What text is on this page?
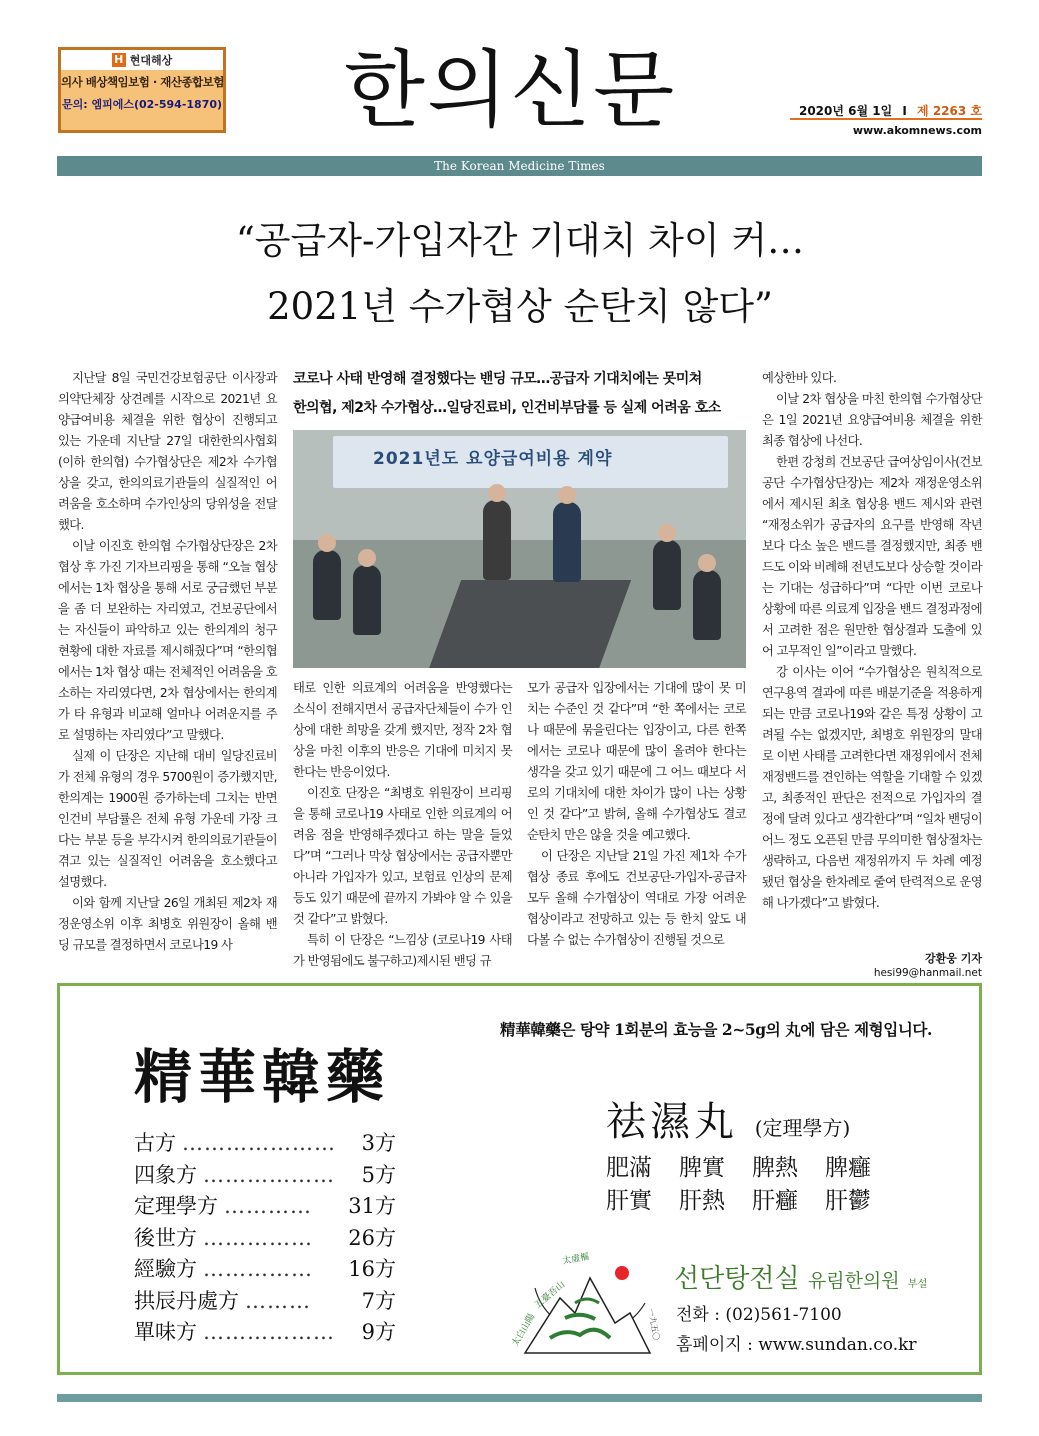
H 현대해상
의사 배상책임보험 · 재산종합보험
문의: 엠피에스(02-594-1870)	한의신문	2020년 6월 1일 I 제 2263 호
www.akomnews.com
The Korean Medicine Times
“공급자-가입자간 기대치 차이 커…
2021년 수가협상 순탄치 않다”

지난달 8일 국민건강보험공단 이사장과 의약단체장 상견례를 시작으로 2021년 요양급여비용 체결을 위한 협상이 진행되고 있는 가운데 지난달 27일 대한한의사협회(이하 한의협) 수가협상단은 제2차 수가협상을 갖고, 한의의료기관들의 실질적인 어려움을 호소하며 수가인상의 당위성을 전달했다.

이날 이진호 한의협 수가협상단장은 2차 협상 후 가진 기자브리핑을 통해 “오늘 협상에서는 1차 협상을 통해 서로 궁금했던 부분을 좀 더 보완하는 자리였고, 건보공단에서는 자신들이 파악하고 있는 한의계의 청구현황에 대한 자료를 제시해줬다”며 “한의협에서는 1차 협상 때는 전체적인 어려움을 호소하는 자리였다면, 2차 협상에서는 한의계가 타 유형과 비교해 얼마나 어려운지를 주로 설명하는 자리였다”고 말했다.

실제 이 단장은 지난해 대비 일당진료비가 전체 유형의 경우 5700원이 증가했지만, 한의계는 1900원 증가하는데 그치는 반면 인건비 부담률은 전체 유형 가운데 가장 크다는 부분 등을 부각시켜 한의의료기관들이 겪고 있는 실질적인 어려움을 호소했다고 설명했다.

이와 함께 지난달 26일 개최된 제2차 재정운영소위 이후 최병호 위원장이 올해 밴딩 규모를 결정하면서 코로나19 사

코로나 사태 반영해 결정했다는 밴딩 규모…공급자 기대치에는 못미쳐
한의협, 제2차 수가협상…일당진료비, 인건비부담률 등 실제 어려움 호소
2021년도 요양급여비용 계약

태로 인한 의료계의 어려움을 반영했다는 소식이 전해지면서 공급자단체들이 수가 인상에 대한 희망을 갖게 했지만, 정작 2차 협상을 마친 이후의 반응은 기대에 미치지 못한다는 반응이었다.

이진호 단장은 “최병호 위원장이 브리핑을 통해 코로나19 사태로 인한 의료계의 어려움 점을 반영해주겠다고 하는 말을 들었다”며 “그러나 막상 협상에서는 공급자뿐만 아니라 가입자가 있고, 보험료 인상의 문제 등도 있기 때문에 끝까지 가봐야 알 수 있을 것 같다”고 밝혔다.

특히 이 단장은 “느낌상 (코로나19 사태가 반영됨에도 불구하고)제시된 밴딩 규

모가 공급자 입장에서는 기대에 많이 못 미치는 수준인 것 같다”며 “한 쪽에서는 코로나 때문에 묶을린다는 입장이고, 다른 한쪽에서는 코로나 때문에 많이 올려야 한다는 생각을 갖고 있기 때문에 그 어느 때보다 서로의 기대치에 대한 차이가 많이 나는 상황인 것 같다”고 밝혀, 올해 수가협상도 결코 순탄치 만은 않을 것을 예고했다.

이 단장은 지난달 21일 가진 제1차 수가협상 종료 후에도 건보공단-가입자-공급자 모두 올해 수가협상이 역대로 가장 어려운 협상이라고 전망하고 있는 등 한치 앞도 내다볼 수 없는 수가협상이 진행될 것으로

예상한바 있다.

이날 2차 협상을 마친 한의협 수가협상단은 1일 2021년 요양급여비용 체결을 위한 최종 협상에 나선다.

한편 강청희 건보공단 급여상임이사(건보공단 수가협상단장)는 제2차 재정운영소위에서 제시된 최초 협상용 밴드 제시와 관련 “재정소위가 공급자의 요구를 반영해 작년보다 다소 높은 밴드를 결정했지만, 최종 밴드도 이와 비례해 전년도보다 상승할 것이라는 기대는 성급하다”며 “다만 이번 코로나 상황에 따른 의료계 입장을 밴드 결정과정에서 고려한 점은 원만한 협상결과 도출에 있어 고무적인 일”이라고 말했다.

강 이사는 이어 “수가협상은 원칙적으로 연구용역 결과에 따른 배분기준을 적용하게 되는 만큼 코로나19와 같은 특정 상황이 고려될 수는 없겠지만, 최병호 위원장의 말대로 이번 사태를 고려한다면 재정위에서 전체 재정밴드를 견인하는 역할을 기대할 수 있겠고, 최종적인 판단은 전적으로 가입자의 결정에 달려 있다고 생각한다”며 “일차 밴딩이 어느 정도 오픈된 만큼 무의미한 협상절차는 생략하고, 다음번 재정위까지 두 차례 예정됐던 협상을 한차례로 줄여 탄력적으로 운영해 나가겠다”고 밝혔다.

강환웅 기자 hesi99@hanmail.net
精華韓藥
精華韓藥은 탕약 1회분의 효능을 2~5g의 丸에 담은 제형입니다.
古方 …………………	3方
四象方 ………………	5方
定理學方 …………	31方
後世方 ……………	26方
經驗方 ……………	16方
拱辰丹處方 ………	7方
單味方 ………………	9方
祛濕丸 (定理學方)
肥滿 脾實 脾熱 脾癰
肝實 肝熱 肝癰 肝鬱
太白山陽
五臺吾山
太虛樞
一九五〇
선단탕전실 유림한의원 부설
전화 : (02)561-7100
홈페이지 : www.sundan.co.kr
